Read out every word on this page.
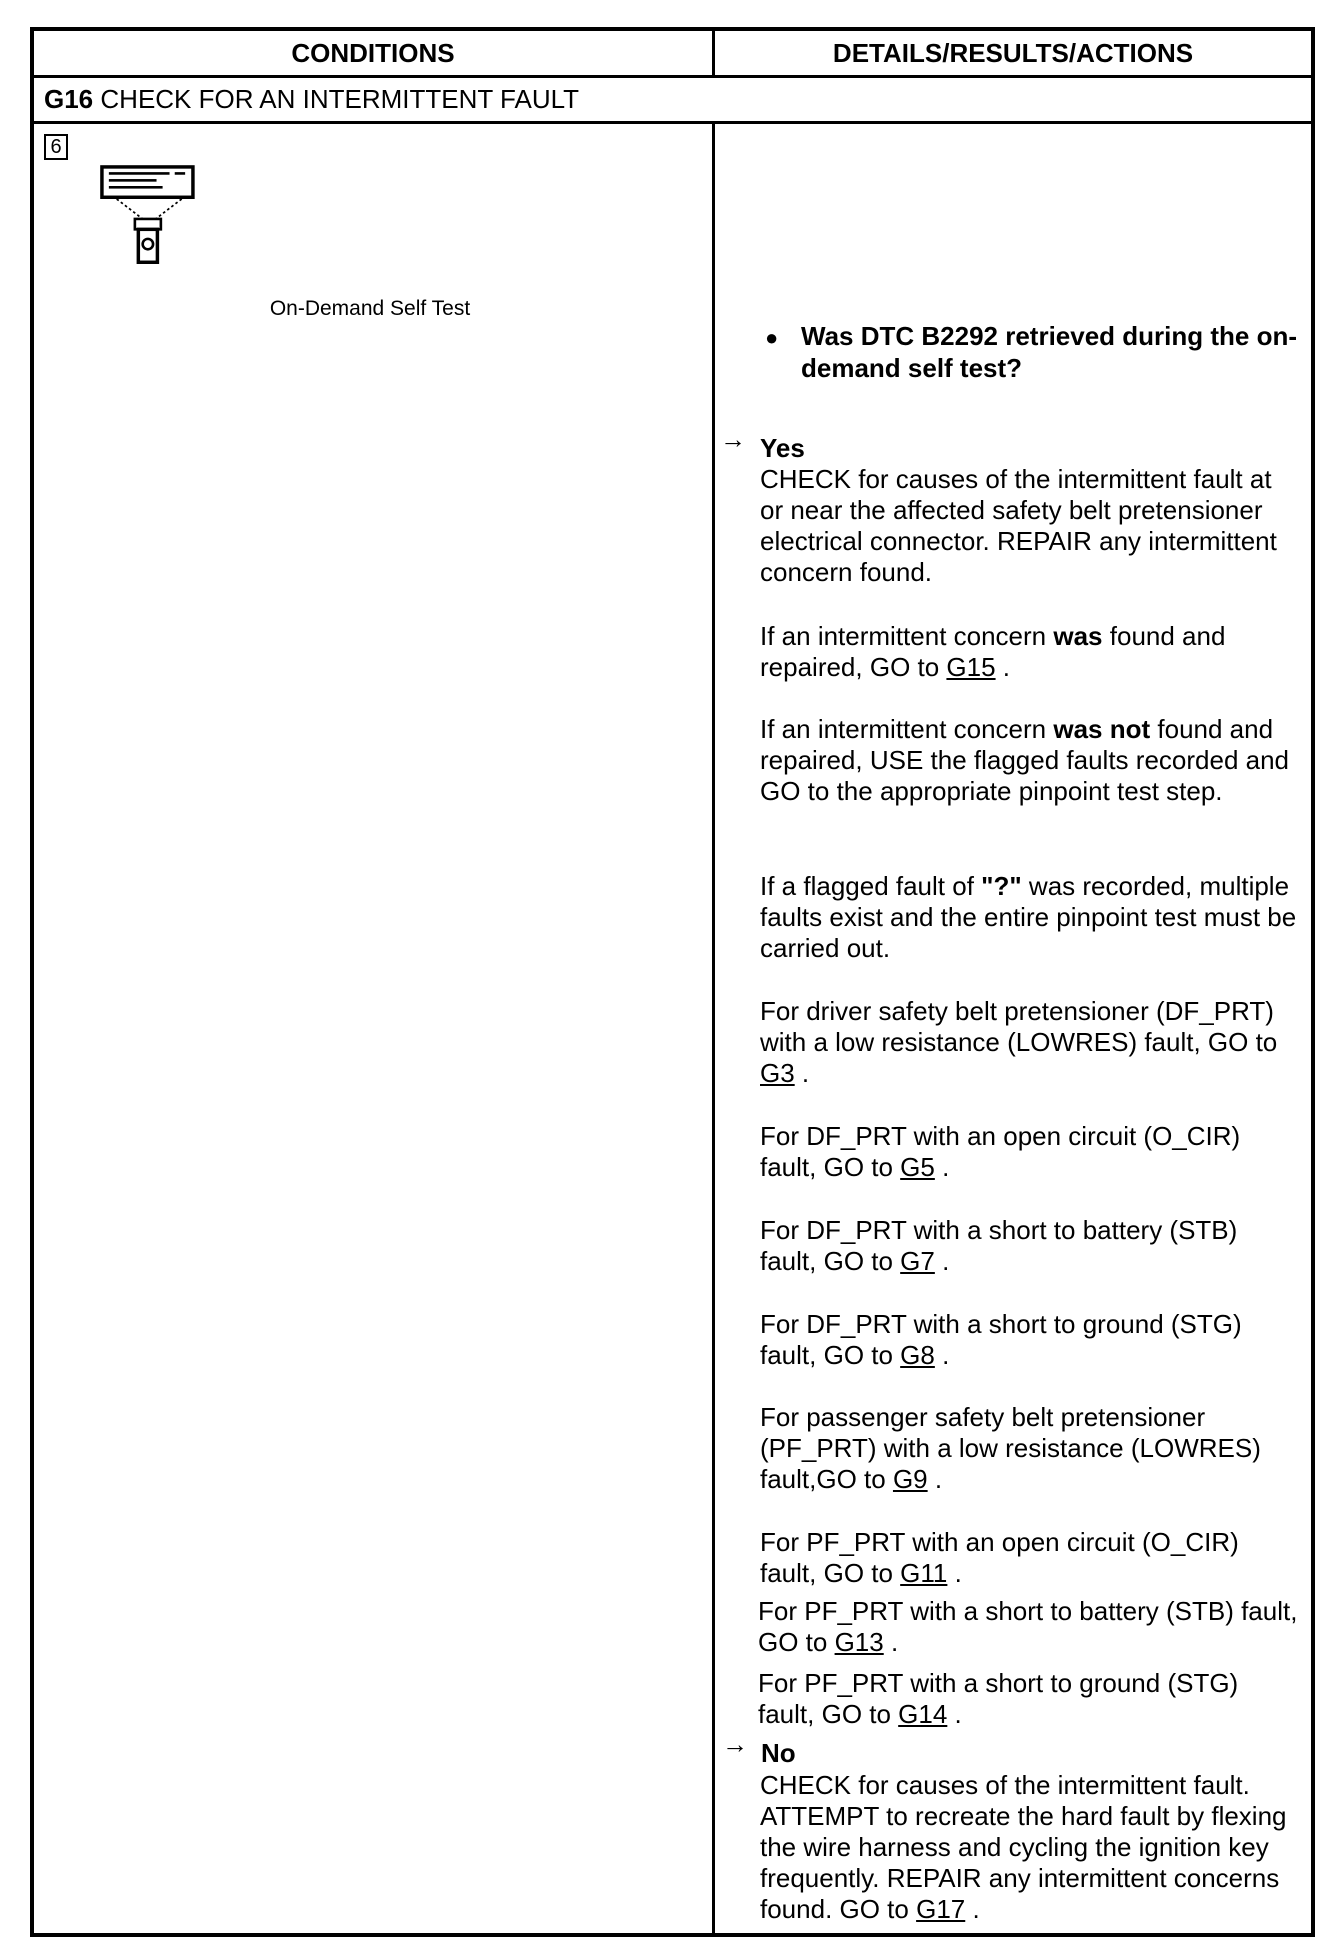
CONDITIONS	DETAILS/RESULTS/ACTIONS
G16 CHECK FOR AN INTERMITTENT FAULT
6
On-Demand Self Test
● Was DTC B2292 retrieved during the on-demand self test?
→ Yes
CHECK for causes of the intermittent fault at or near the affected safety belt pretensioner electrical connector. REPAIR any intermittent concern found.
If an intermittent concern was found and repaired, GO to G15 .
If an intermittent concern was not found and repaired, USE the flagged faults recorded and GO to the appropriate pinpoint test step.
If a flagged fault of "?" was recorded, multiple faults exist and the entire pinpoint test must be carried out.
For driver safety belt pretensioner (DF_PRT) with a low resistance (LOWRES) fault, GO to G3 .
For DF_PRT with an open circuit (O_CIR) fault, GO to G5 .
For DF_PRT with a short to battery (STB) fault, GO to G7 .
For DF_PRT with a short to ground (STG) fault, GO to G8 .
For passenger safety belt pretensioner (PF_PRT) with a low resistance (LOWRES) fault,GO to G9 .
For PF_PRT with an open circuit (O_CIR) fault, GO to G11 .
For PF_PRT with a short to battery (STB) fault, GO to G13 .
For PF_PRT with a short to ground (STG) fault, GO to G14 .
→ No
CHECK for causes of the intermittent fault. ATTEMPT to recreate the hard fault by flexing the wire harness and cycling the ignition key frequently. REPAIR any intermittent concerns found. GO to G17 .
